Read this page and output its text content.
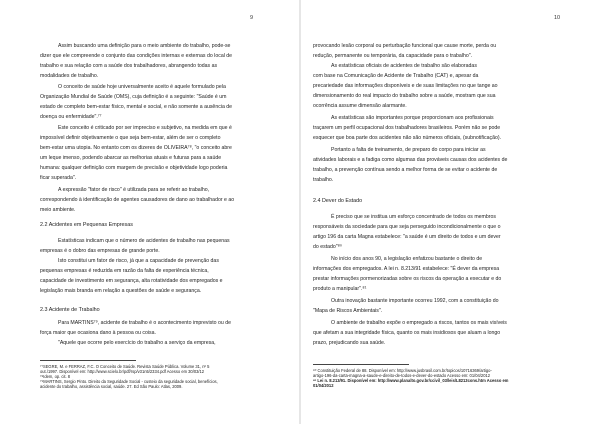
9
Assim buscando uma definição para o meio ambiente do trabalho, pode-se
dizer que ele compreende o conjunto das condições internas e externas do local de
trabalho e sua relação com a saúde dos trabalhadores, abrangendo todas as
modalidades de trabalho.
O conceito de saúde hoje universalmente aceito é aquele formulado pela
Organização Mundial de Saúde (OMS), cuja definição é a seguinte: "Saúde é um
estado de completo bem-estar físico, mental e social, e não somente a ausência de
doença ou enfermidade".⁷⁷
Este conceito é criticado por ser impreciso e subjetivo, na medida em que é
impossível definir objetivamente o que seja bem-estar, além de ser o completo
bem-estar uma utopia. No entanto com os dizeres de OLIVEIRA⁷⁸, "o conceito abre
um leque imenso, podendo abarcar as melhorias atuais e futuras para a saúde
humana: qualquer definição com margem de precisão e objetividade logo poderia
ficar superada".
A expressão "fator de risco" é utilizada para se referir ao trabalho,
correspondendo à identificação de agentes causadores de dano ao trabalhador e ao
meio ambiente.
2.2 Acidentes em Pequenas Empresas
Estatísticas indicam que o número de acidentes de trabalho nas pequenas
empresas é o dobro das empresas de grande porte.
Isto constitui um fator de risco, já que a capacidade de prevenção das
pequenas empresas é reduzida em razão da falta de experiência técnica,
capacidade de investimento em segurança, alta rotatividade dos empregados e
legislação mais branda em relação a questões de saúde e segurança.
2.3 Acidente de Trabalho
Para MARTINS⁷⁹, acidente de trabalho é o acontecimento imprevisto ou de
força maior que ocasiona dano à pessoa ou coisa.
"Aquele que ocorre pelo exercício do trabalho a serviço da empresa,
⁷⁷SEGRE, M. e FERRAZ, F.C. O Conceito de Saúde. Revista Saúde Pública. Volume 31, nº 5
out./1997. Disponível em: http://www.scielo.br/pdf/rsp/v31n5/2334.pdf Acesso em 30/03/12
⁷⁸Idem, op. cit. 8
⁷⁹MARTINS, Sergio Pinto. Direito da Seguridade Social - custeio da seguridade social, benefícios,
acidente do trabalho, assistência social, saúde. 27. Ed São Paulo: Atlas, 2009.
10
provocando lesão corporal ou perturbação funcional que cause morte, perda ou
redução, permanente ou temporária, da capacidade para o trabalho".
As estatísticas oficiais de acidentes de trabalho são elaboradas
com base na Comunicação de Acidente de Trabalho (CAT) e, apesar da
precariedade das informações disponíveis e de suas limitações no que tange ao
dimensionamento do real impacto do trabalho sobre a saúde, mostram que sua
ocorrência assume dimensão alarmante.
As estatísticas são importantes porque proporcionam aos profissionais
traçarem um perfil ocupacional dos trabalhadores brasileiros. Porém não se pode
esquecer que boa parte dos acidentes não são números oficiais, (subnotificação).
Portanto a falta de treinamento, de preparo do corpo para iniciar as
atividades laborais e a fadiga como algumas das prováveis causas dos acidentes de
trabalho, a prevenção contínua sendo a melhor forma de se evitar o acidente de
trabalho.
2.4 Dever do Estado
É preciso que se institua um esforço concentrado de todos os membros
responsáveis da sociedade para que seja perseguido incondicionalmente o que o
artigo 196 da carta Magna estabelece: "a saúde é um direito de todos e um dever
do estado"⁸⁰
No início dos anos 90, a legislação enfatizou bastante o direito de
informações dos empregados. A lei n. 8.213/91 estabelece: "É dever da empresa
prestar informações pormenorizadas sobre os riscos da operação a executar e do
produto a manipular".⁸¹
Outra inovação bastante importante ocorreu 1992, com a constituição do
"Mapa de Riscos Ambientais".
O ambiente de trabalho expõe o empregado a riscos, tantos os mais visíveis
que afetam a sua integridade física, quanto os mais insidiosos que aluam a longo
prazo, prejudicando sua saúde.
⁸⁰ Constituição Federal de 88. Disponível em: http://www.jusbrasil.com.br/topicos/10716369/artigo-
artigo-196-da-carta-magna-a-saude-e-direito-de-todos-e-dever-do-estado Acesso em: 01/04/2012
⁸¹ Lei n. 8.213/91. Disponível em: http://www.planalto.gov.br/ccivil_03/leis/L8213cons.htm Acesso em
01/04/2012
